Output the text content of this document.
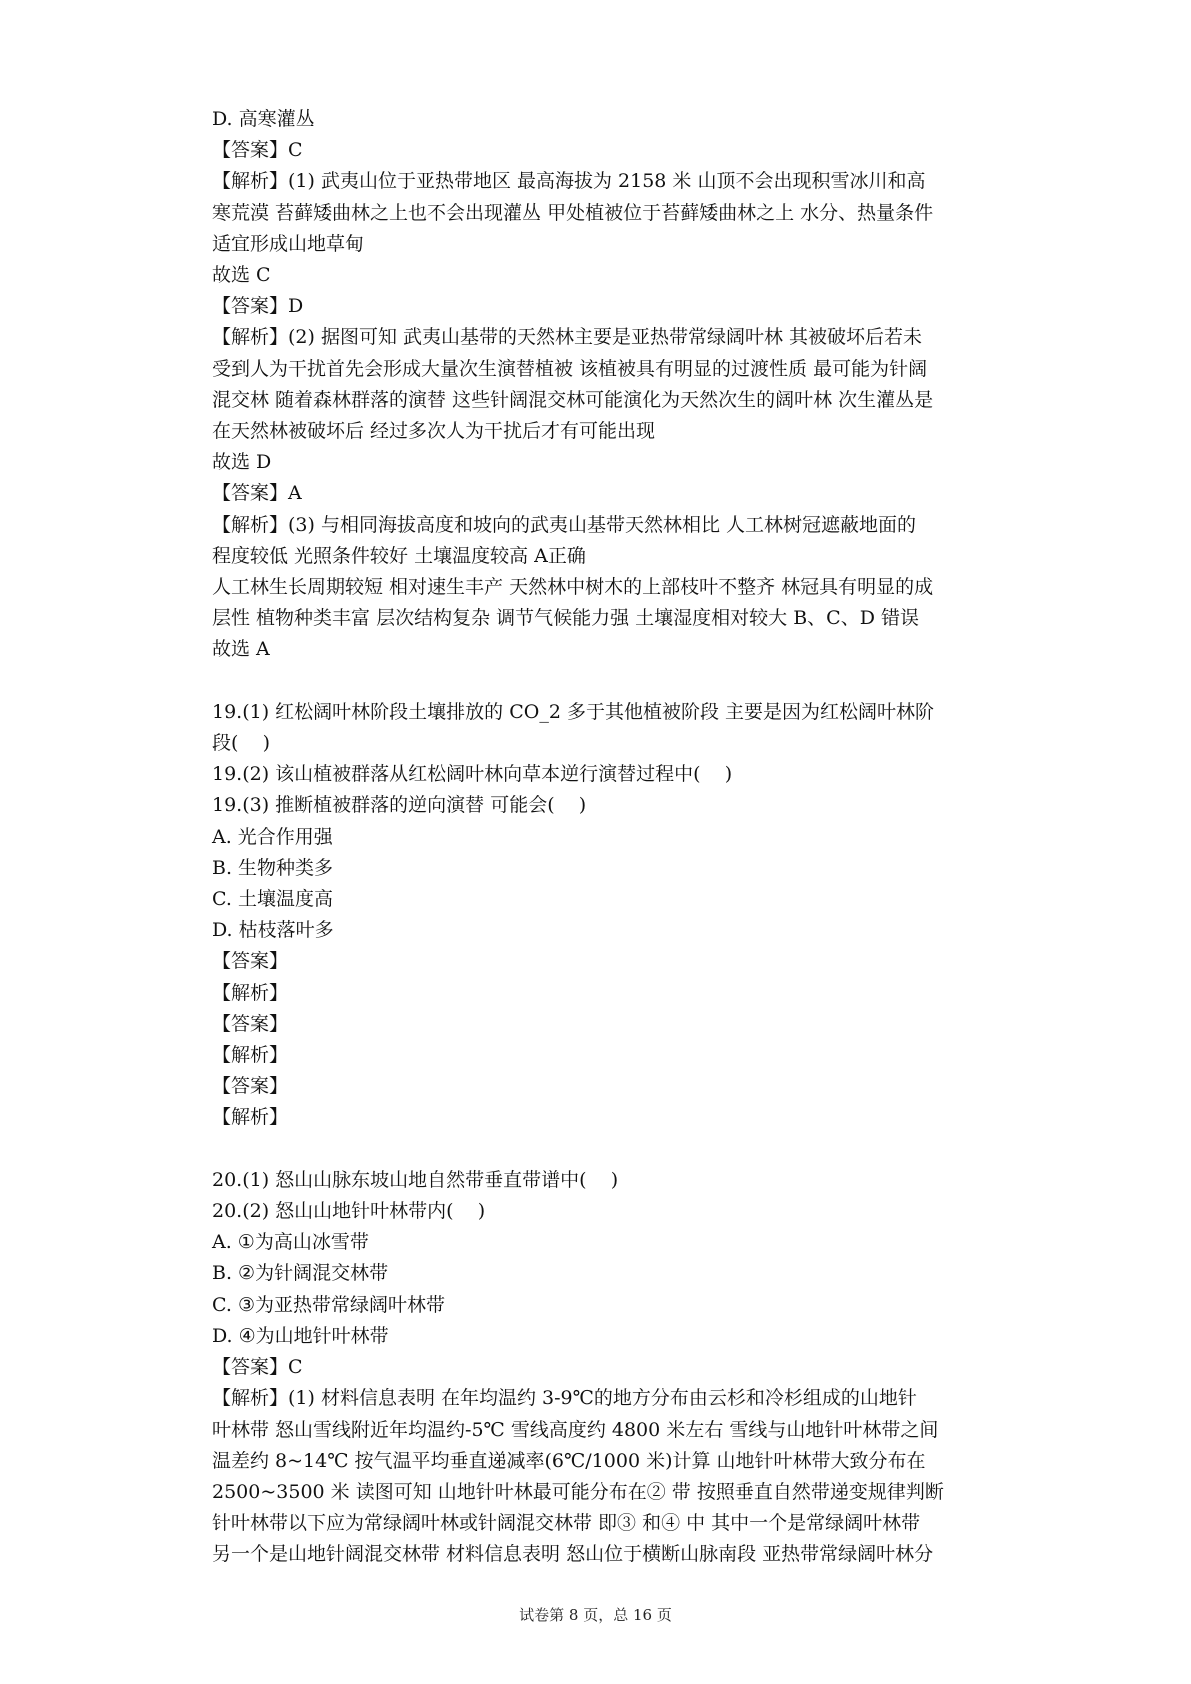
D. 高寒灌丛

【答案】C

【解析】(1) 武夷山位于亚热带地区 最高海拔为 2158 米 山顶不会出现积雪冰川和高

寒荒漠 苔藓矮曲林之上也不会出现灌丛 甲处植被位于苔藓矮曲林之上 水分、热量条件

适宜形成山地草甸

故选 C

【答案】D

【解析】(2) 据图可知 武夷山基带的天然林主要是亚热带常绿阔叶林 其被破坏后若未

受到人为干扰首先会形成大量次生演替植被 该植被具有明显的过渡性质 最可能为针阔

混交林 随着森林群落的演替 这些针阔混交林可能演化为天然次生的阔叶林 次生灌丛是

在天然林被破坏后 经过多次人为干扰后才有可能出现

故选 D

【答案】A

【解析】(3) 与相同海拔高度和坡向的武夷山基带天然林相比 人工林树冠遮蔽地面的

程度较低 光照条件较好 土壤温度较高 A正确

人工林生长周期较短 相对速生丰产 天然林中树木的上部枝叶不整齐 林冠具有明显的成

层性 植物种类丰富 层次结构复杂 调节气候能力强 土壤湿度相对较大 B、C、D 错误

故选 A

19.(1) 红松阔叶林阶段土壤排放的 CO_2 多于其他植被阶段 主要是因为红松阔叶林阶

段(    )

19.(2) 该山植被群落从红松阔叶林向草本逆行演替过程中(    )

19.(3) 推断植被群落的逆向演替 可能会(    )

A. 光合作用强

B. 生物种类多

C. 土壤温度高

D. 枯枝落叶多

【答案】

【解析】

【答案】

【解析】

【答案】

【解析】

20.(1) 怒山山脉东坡山地自然带垂直带谱中(    )

20.(2) 怒山山地针叶林带内(    )

A. ①为高山冰雪带

B. ②为针阔混交林带

C. ③为亚热带常绿阔叶林带

D. ④为山地针叶林带

【答案】C

【解析】(1) 材料信息表明 在年均温约 3-9℃的地方分布由云杉和冷杉组成的山地针

叶林带 怒山雪线附近年均温约-5℃ 雪线高度约 4800 米左右 雪线与山地针叶林带之间

温差约 8~14℃ 按气温平均垂直递减率(6℃/1000 米)计算 山地针叶林带大致分布在

2500~3500 米 读图可知 山地针叶林最可能分布在② 带 按照垂直自然带递变规律判断

针叶林带以下应为常绿阔叶林或针阔混交林带 即③ 和④ 中 其中一个是常绿阔叶林带

另一个是山地针阔混交林带 材料信息表明 怒山位于横断山脉南段 亚热带常绿阔叶林分

试卷第 8 页，总 16 页
